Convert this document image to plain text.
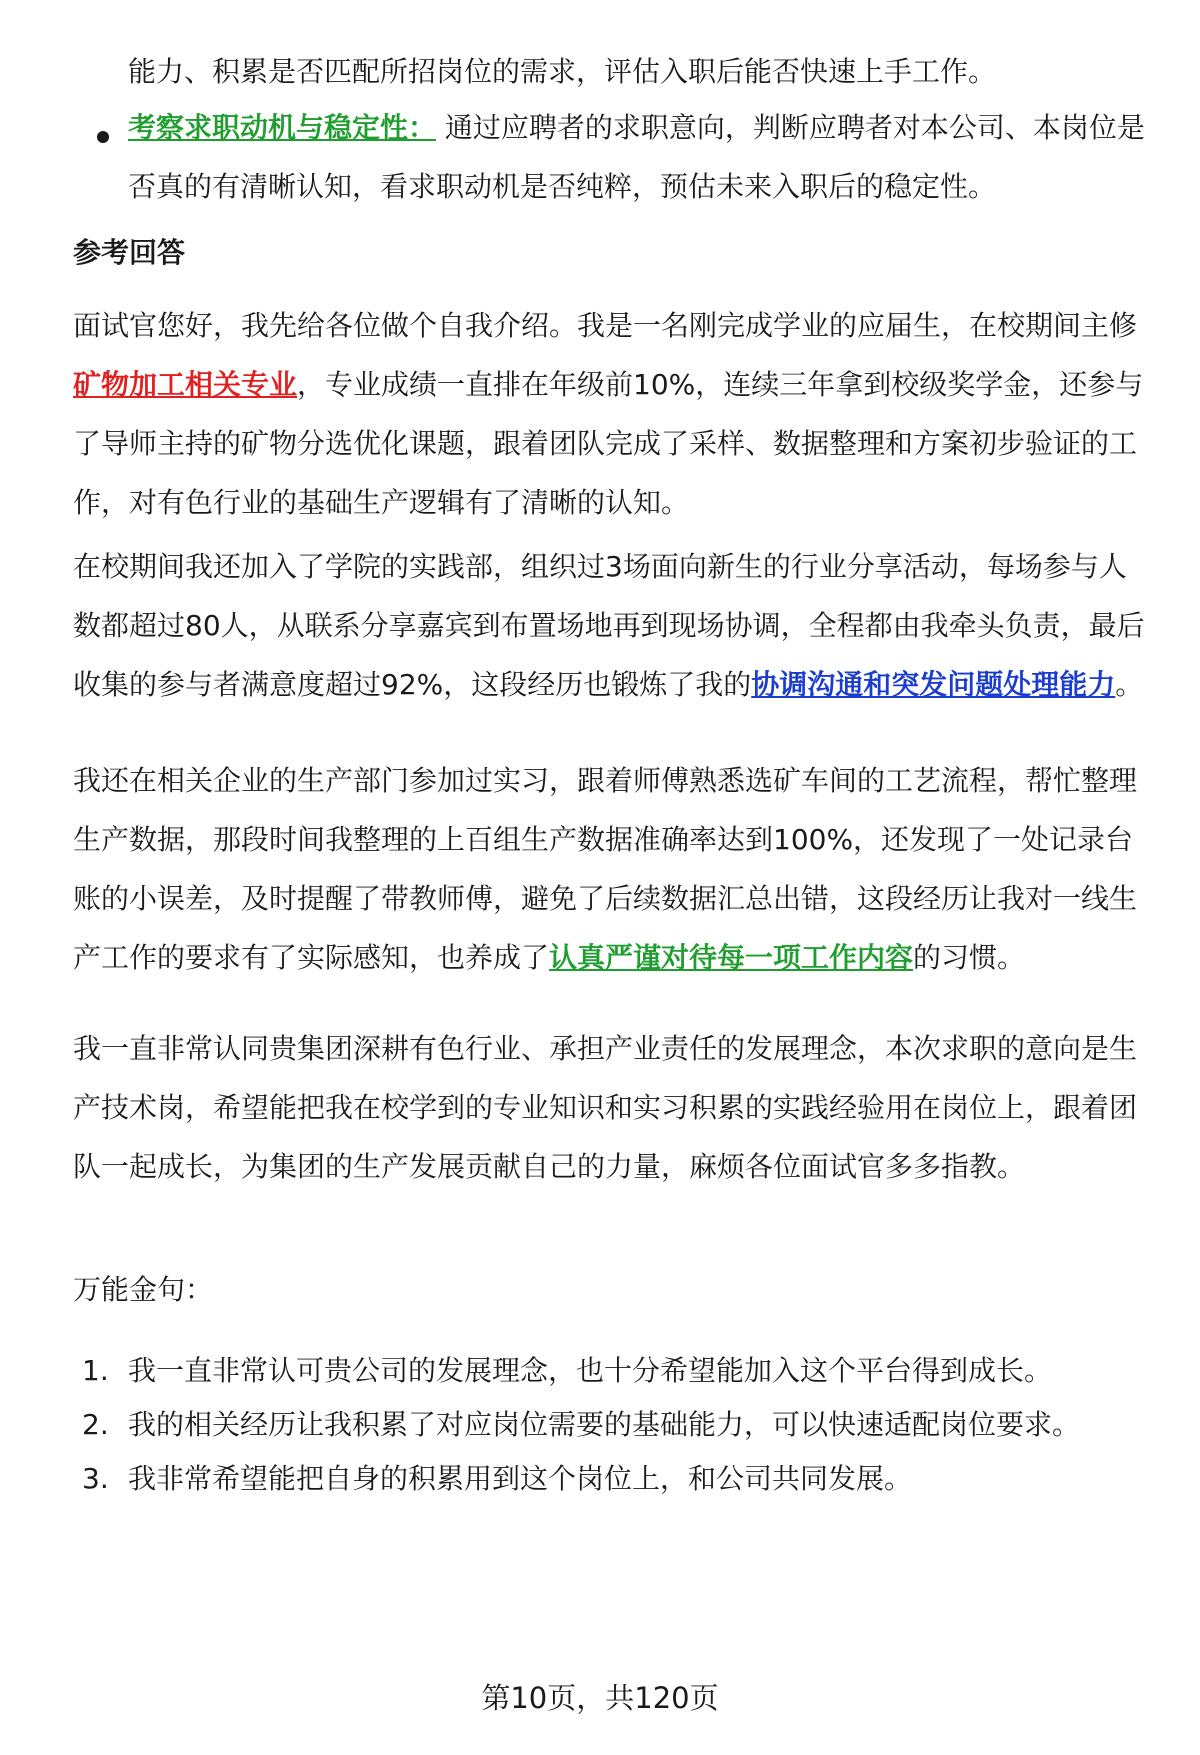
能力、积累是否匹配所招岗位的需求，评估入职后能否快速上手工作。

考察求职动机与稳定性： 通过应聘者的求职意向，判断应聘者对本公司、本岗位是否真的有清晰认知，看求职动机是否纯粹，预估未来入职后的稳定性。

参考回答

面试官您好，我先给各位做个自我介绍。我是一名刚完成学业的应届生，在校期间主修矿物加工相关专业，专业成绩一直排在年级前10%，连续三年拿到校级奖学金，还参与了导师主持的矿物分选优化课题，跟着团队完成了采样、数据整理和方案初步验证的工作，对有色行业的基础生产逻辑有了清晰的认知。

在校期间我还加入了学院的实践部，组织过3场面向新生的行业分享活动，每场参与人数都超过80人，从联系分享嘉宾到布置场地再到现场协调，全程都由我牵头负责，最后收集的参与者满意度超过92%，这段经历也锻炼了我的协调沟通和突发问题处理能力。

我还在相关企业的生产部门参加过实习，跟着师傅熟悉选矿车间的工艺流程，帮忙整理生产数据，那段时间我整理的上百组生产数据准确率达到100%，还发现了一处记录台账的小误差，及时提醒了带教师傅，避免了后续数据汇总出错，这段经历让我对一线生产工作的要求有了实际感知，也养成了认真严谨对待每一项工作内容的习惯。

我一直非常认同贵集团深耕有色行业、承担产业责任的发展理念，本次求职的意向是生产技术岗，希望能把我在校学到的专业知识和实习积累的实践经验用在岗位上，跟着团队一起成长，为集团的生产发展贡献自己的力量，麻烦各位面试官多多指教。

万能金句：

1. 我一直非常认可贵公司的发展理念，也十分希望能加入这个平台得到成长。

2. 我的相关经历让我积累了对应岗位需要的基础能力，可以快速适配岗位要求。

3. 我非常希望能把自身的积累用到这个岗位上，和公司共同发展。

第10页，共120页
